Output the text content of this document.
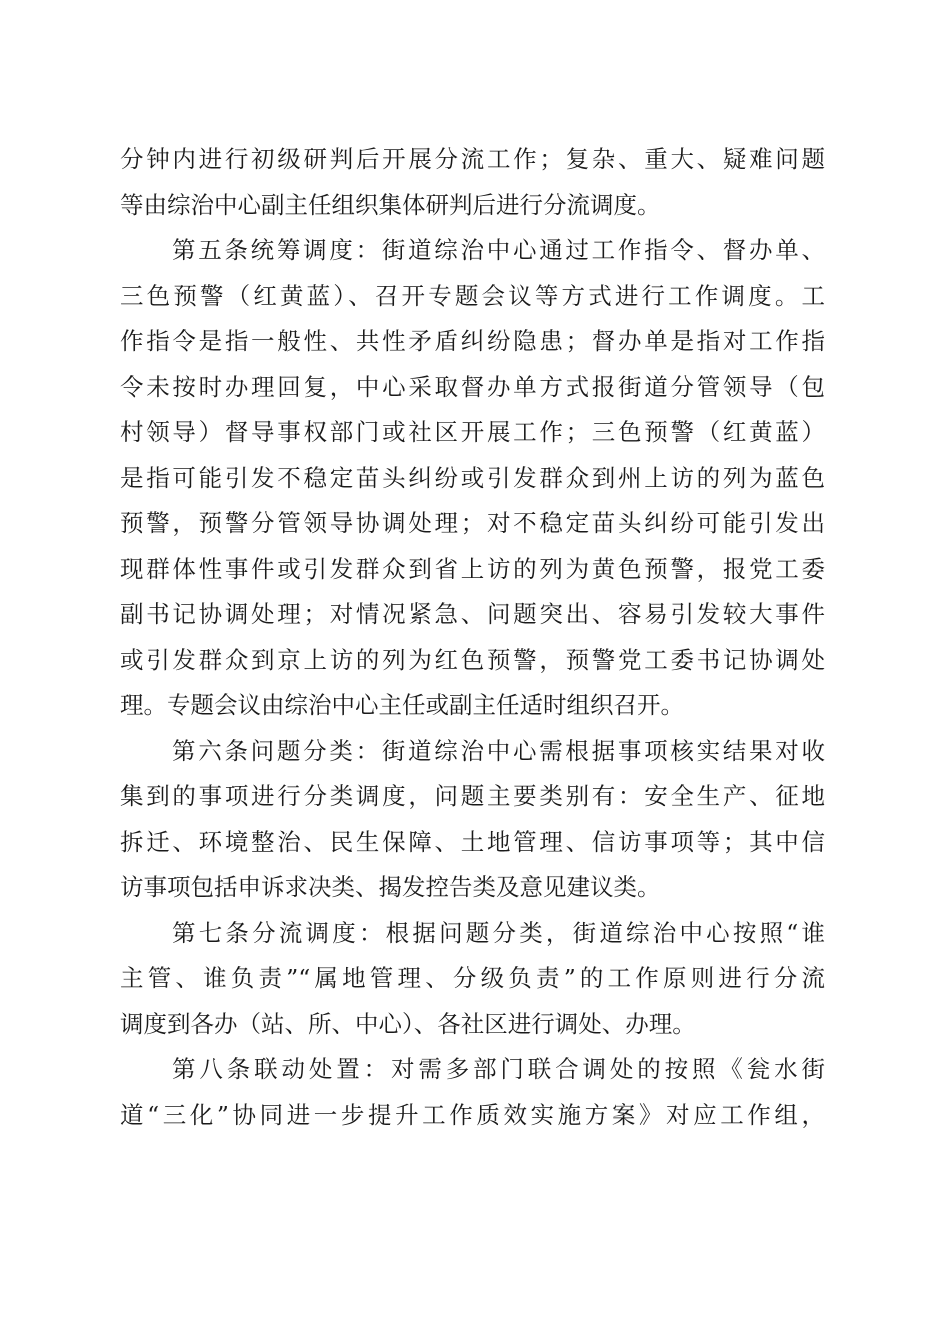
分钟内进行初级研判后开展分流工作；复杂、重大、疑难问题
等由综治中心副主任组织集体研判后进行分流调度。
第五条统筹调度：街道综治中心通过工作指令、督办单、
三色预警（红黄蓝）、召开专题会议等方式进行工作调度。工
作指令是指一般性、共性矛盾纠纷隐患；督办单是指对工作指
令未按时办理回复，中心采取督办单方式报街道分管领导（包
村领导）督导事权部门或社区开展工作；三色预警（红黄蓝）
是指可能引发不稳定苗头纠纷或引发群众到州上访的列为蓝色
预警，预警分管领导协调处理；对不稳定苗头纠纷可能引发出
现群体性事件或引发群众到省上访的列为黄色预警，报党工委
副书记协调处理；对情况紧急、问题突出、容易引发较大事件
或引发群众到京上访的列为红色预警，预警党工委书记协调处
理。专题会议由综治中心主任或副主任适时组织召开。
第六条问题分类：街道综治中心需根据事项核实结果对收
集到的事项进行分类调度，问题主要类别有：安全生产、征地
拆迁、环境整治、民生保障、土地管理、信访事项等；其中信
访事项包括申诉求决类、揭发控告类及意见建议类。
第七条分流调度：根据问题分类，街道综治中心按照“谁
主管、谁负责”“属地管理、分级负责”的工作原则进行分流
调度到各办（站、所、中心）、各社区进行调处、办理。
第八条联动处置：对需多部门联合调处的按照《瓮水街
道“三化”协同进一步提升工作质效实施方案》对应工作组，
